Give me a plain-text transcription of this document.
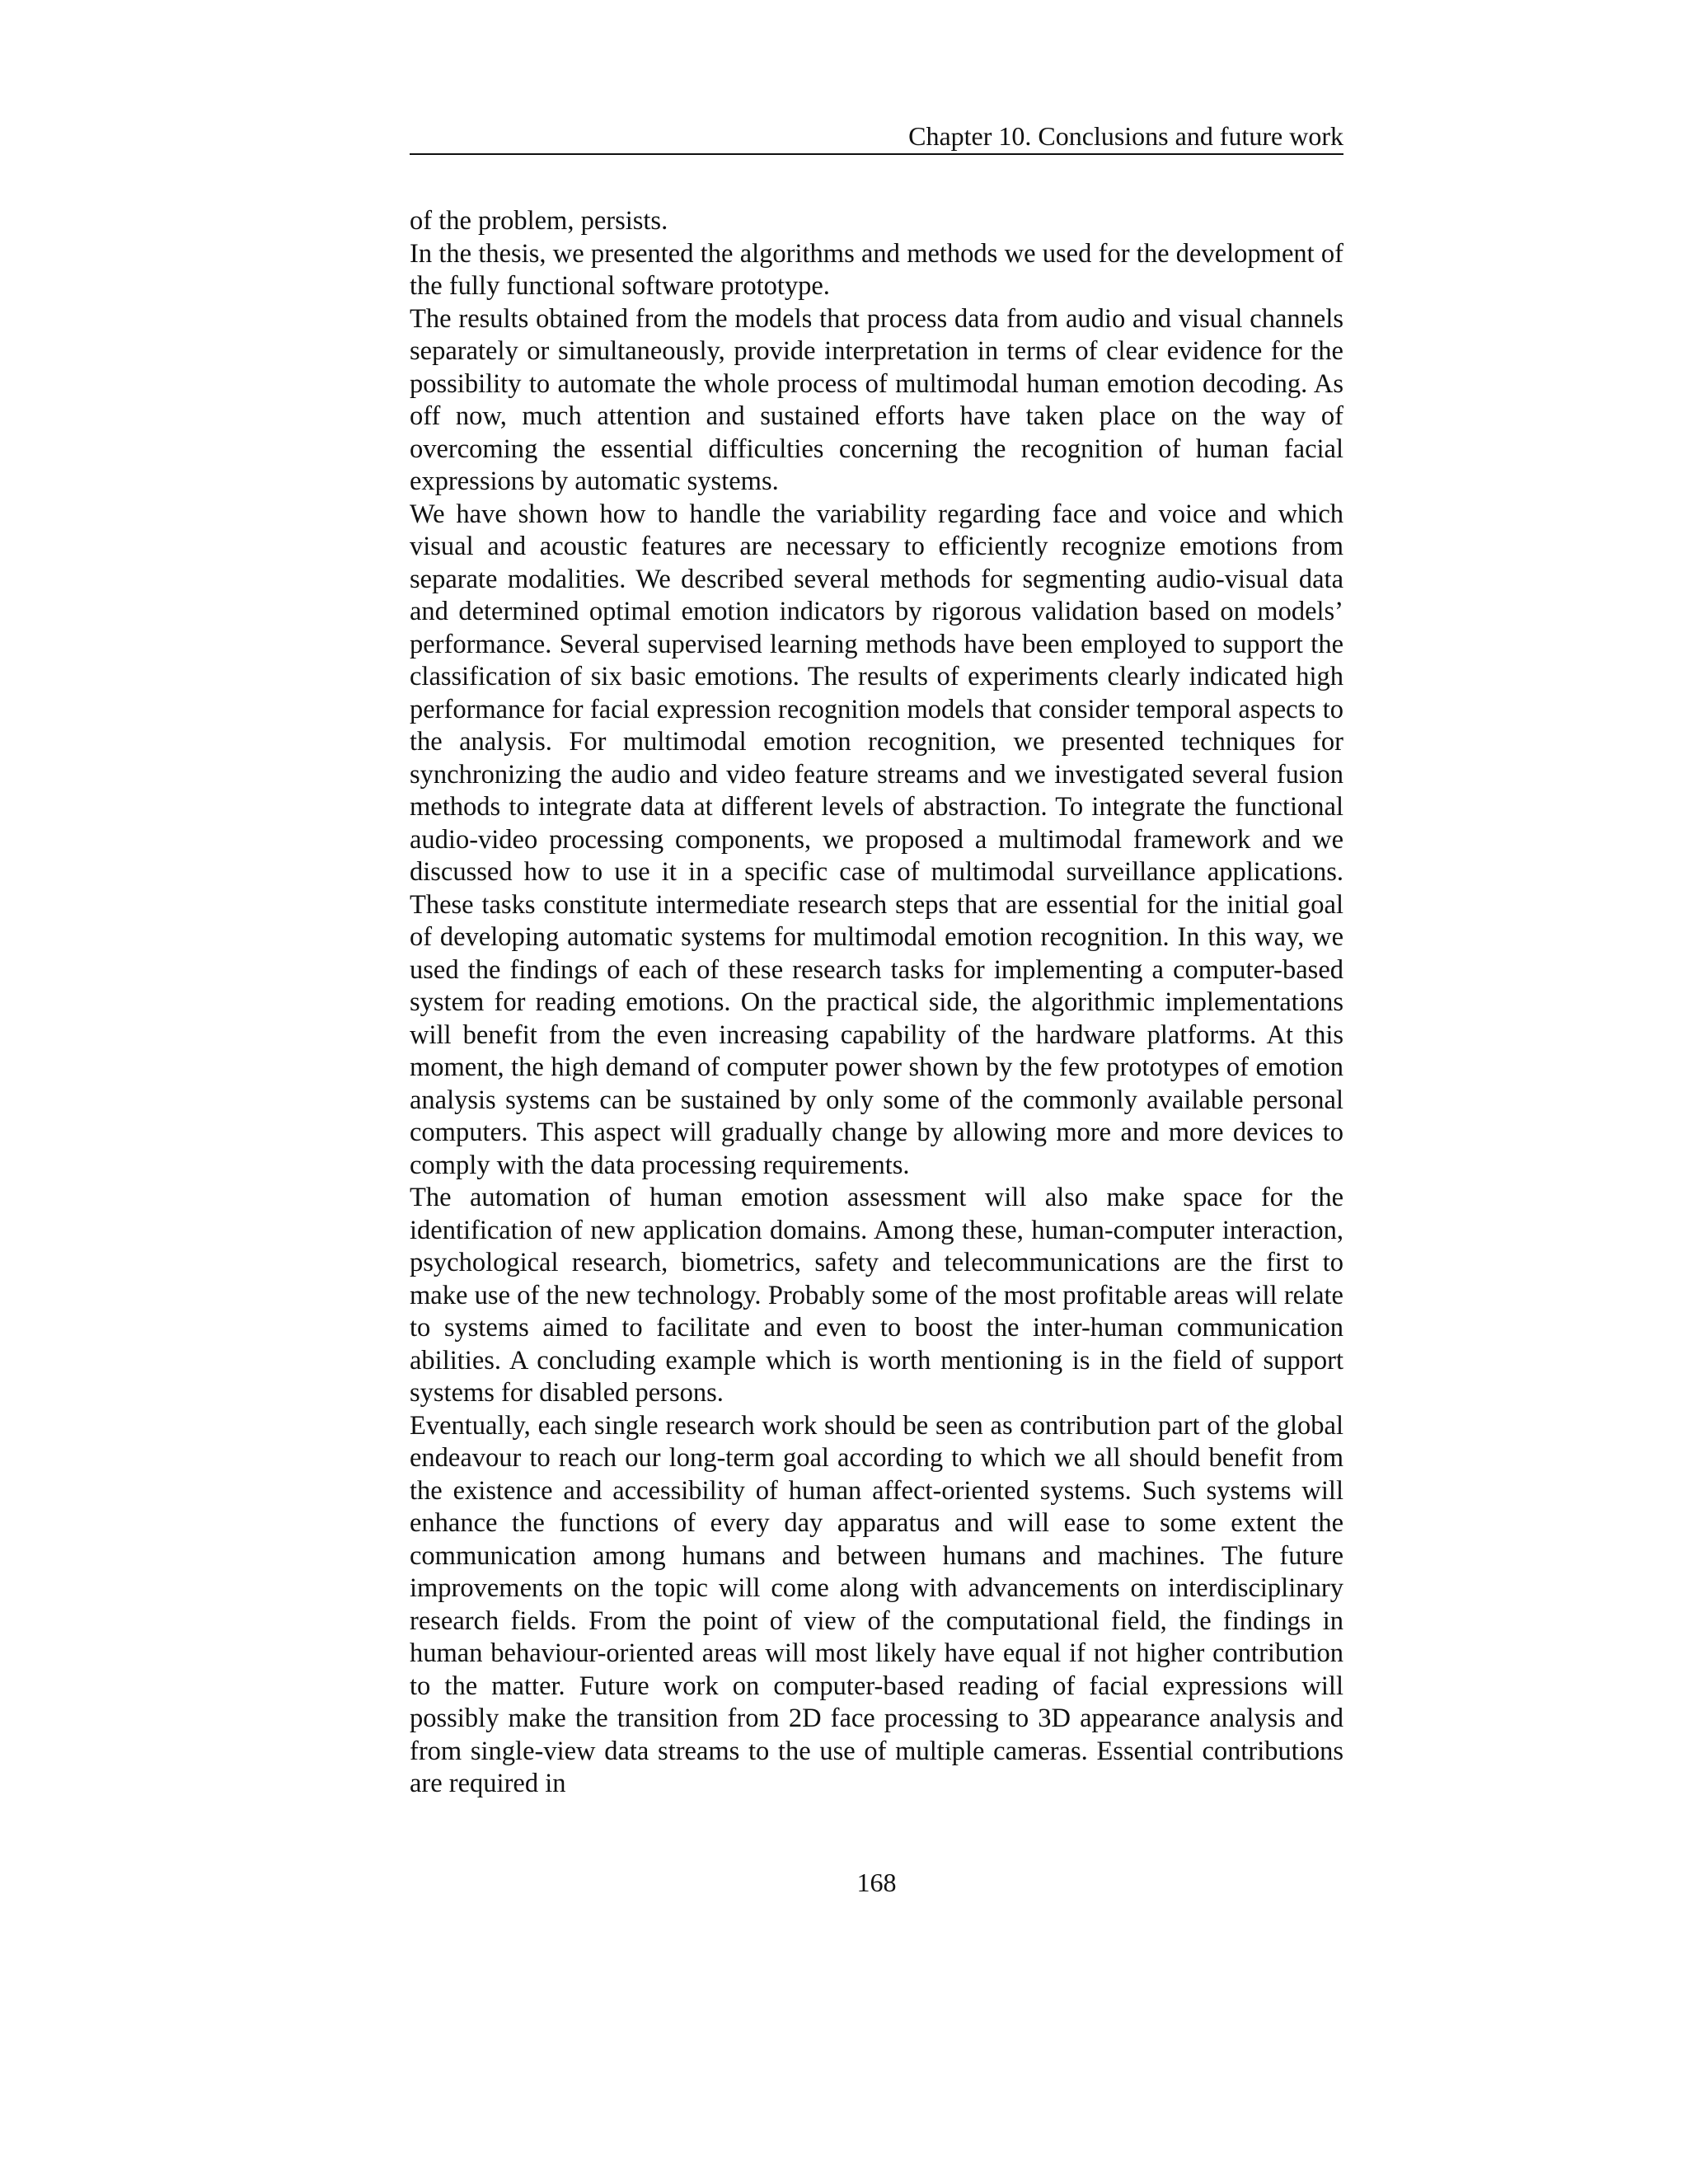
Chapter 10. Conclusions and future work

of the problem, persists.

In the thesis, we presented the algorithms and methods we used for the development of the fully functional software prototype.

The results obtained from the models that process data from audio and visual channels separately or simultaneously, provide interpretation in terms of clear evidence for the possibility to automate the whole process of multimodal human emotion decoding. As off now, much attention and sustained efforts have taken place on the way of overcoming the essential difficulties concerning the recognition of human facial expressions by automatic systems.

We have shown how to handle the variability regarding face and voice and which visual and acoustic features are necessary to efficiently recognize emotions from separate modalities. We described several methods for segmenting audio-visual data and determined optimal emotion indicators by rigorous validation based on models’ performance. Several supervised learning methods have been employed to support the classification of six basic emotions. The results of experiments clearly indicated high performance for facial expression recognition models that consider temporal aspects to the analysis. For multimodal emotion recognition, we presented techniques for synchronizing the audio and video feature streams and we investigated several fusion methods to integrate data at different levels of abstraction. To integrate the functional audio-video processing components, we proposed a multimodal framework and we discussed how to use it in a specific case of multimodal surveillance applications. These tasks constitute intermediate research steps that are essential for the initial goal of developing automatic systems for multimodal emotion recognition. In this way, we used the findings of each of these research tasks for implementing a computer-based system for reading emotions. On the practical side, the algorithmic implementations will benefit from the even increasing capability of the hardware platforms. At this moment, the high demand of computer power shown by the few prototypes of emotion analysis systems can be sustained by only some of the commonly available personal computers. This aspect will gradually change by allowing more and more devices to comply with the data processing requirements.

The automation of human emotion assessment will also make space for the identification of new application domains. Among these, human-computer interaction, psychological research, biometrics, safety and telecommunications are the first to make use of the new technology. Probably some of the most profitable areas will relate to systems aimed to facilitate and even to boost the inter-human communication abilities. A concluding example which is worth mentioning is in the field of support systems for disabled persons.

Eventually, each single research work should be seen as contribution part of the global endeavour to reach our long-term goal according to which we all should benefit from the existence and accessibility of human affect-oriented systems. Such systems will enhance the functions of every day apparatus and will ease to some extent the communication among humans and between humans and machines. The future improvements on the topic will come along with advancements on interdisciplinary research fields. From the point of view of the computational field, the findings in human behaviour-oriented areas will most likely have equal if not higher contribution to the matter. Future work on computer-based reading of facial expressions will possibly make the transition from 2D face processing to 3D appearance analysis and from single-view data streams to the use of multiple cameras. Essential contributions are required in

168
